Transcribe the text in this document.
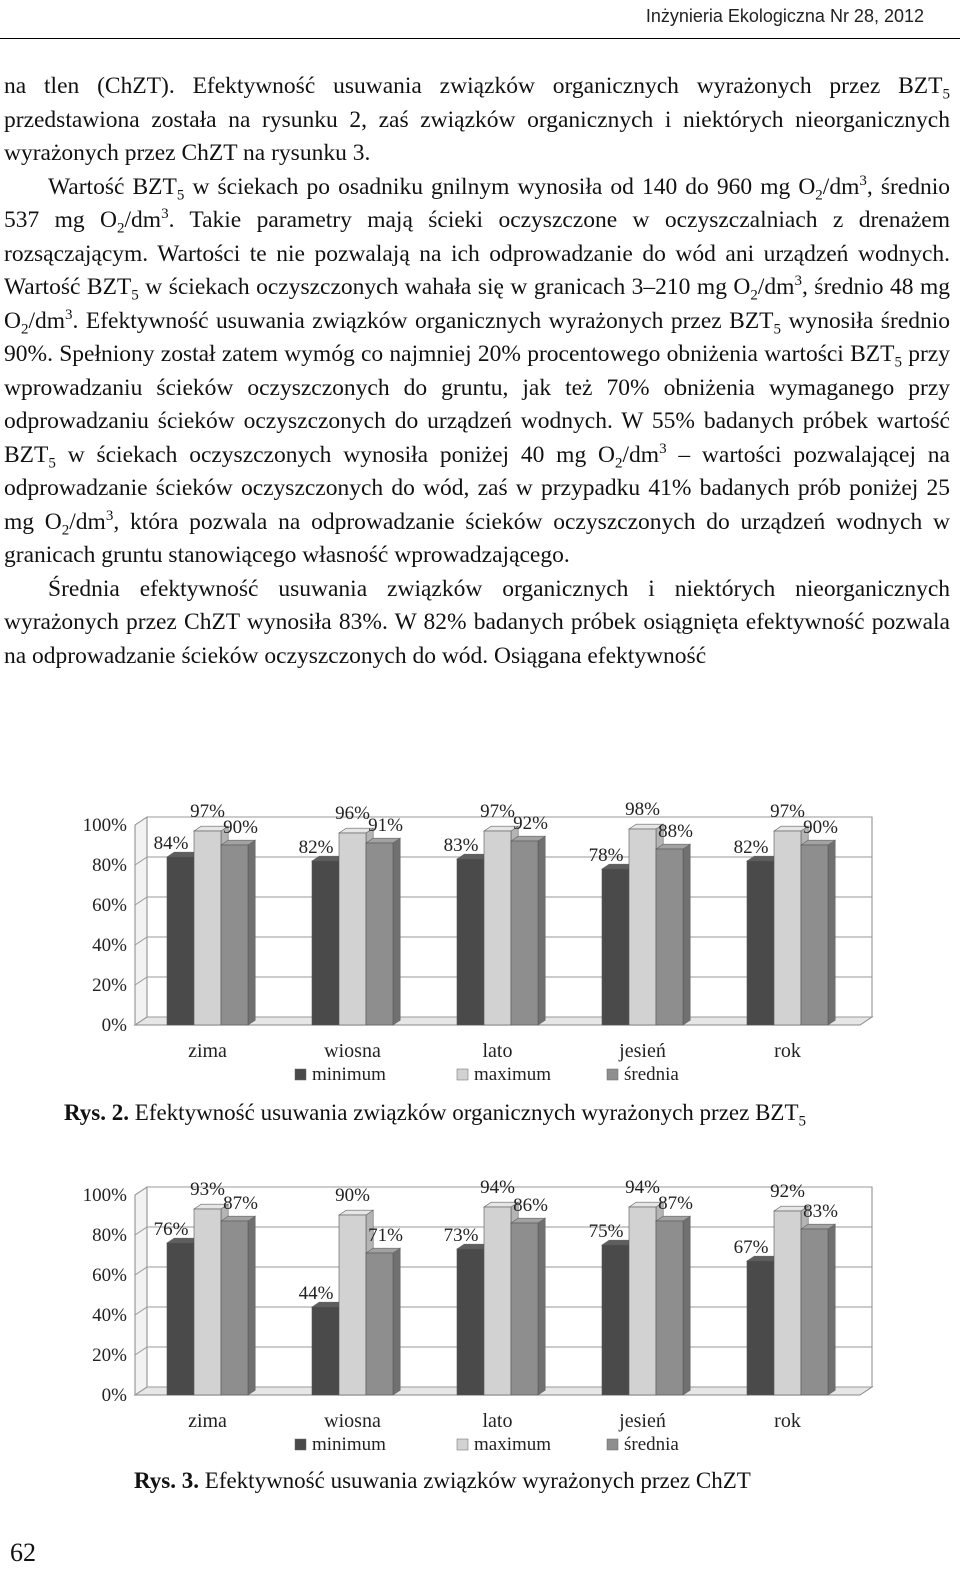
Inżynieria Ekologiczna Nr 28, 2012

na tlen (ChZT). Efektywność usuwania związków organicznych wyrażonych przez $BZT_5$ przedstawiona została na rysunku 2, zaś związków organicznych i niektórych nieorganicznych wyrażonych przez ChZT na rysunku 3.

Wartość $BZT_5$ w ściekach po osadniku gnilnym wynosiła od 140 do 960 mg $O_2/dm^3$, średnio 537 mg $O_2/dm^3$. Takie parametry mają ścieki oczyszczone w oczyszczalniach z drenażem rozsączającym. Wartości te nie pozwalają na ich odprowadzanie do wód ani urządzeń wodnych. Wartość $BZT_5$ w ściekach oczyszczonych wahała się w granicach 3–210 mg $O_2/dm^3$, średnio 48 mg $O_2/dm^3$. Efektywność usuwania związków organicznych wyrażonych przez $BZT_5$ wynosiła średnio 90%. Spełniony został zatem wymóg co najmniej 20% procentowego obniżenia wartości $BZT_5$ przy wprowadzaniu ścieków oczyszczonych do gruntu, jak też 70% obniżenia wymaganego przy odprowadzaniu ścieków oczyszczonych do urządzeń wodnych. W 55% badanych próbek wartość $BZT_5$ w ściekach oczyszczonych wynosiła poniżej 40 mg $O_2/dm^3$ – wartości pozwalającej na odprowadzanie ścieków oczyszczonych do wód, zaś w przypadku 41% badanych prób poniżej 25 mg $O_2/dm^3$, która pozwala na odprowadzanie ścieków oczyszczonych do urządzeń wodnych w granicach gruntu stanowiącego własność wprowadzającego.

Średnia efektywność usuwania związków organicznych i niektórych nieorganicznych wyrażonych przez ChZT wynosiła 83%. W 82% badanych próbek osiągnięta efektywność pozwala na odprowadzanie ścieków oczyszczonych do wód. Osiągana efektywność

0%
20%
40%
60%
80%
100%
84%
97%
90%
zima
82%
96%
91%
wiosna
83%
97%
92%
lato
78%
98%
88%
jesień
82%
97%
90%
rok
minimum	maximum	średnia
Rys. 2. Efektywność usuwania związków organicznych wyrażonych przez $BZT_5$
0%
20%
40%
60%
80%
100%
76%
93%
87%
zima
44%
90%
71%
wiosna
73%
94%
86%
lato
75%
94%
87%
jesień
67%
92%
83%
rok
minimum	maximum	średnia
Rys. 3. Efektywność usuwania związków wyrażonych przez ChZT
62
